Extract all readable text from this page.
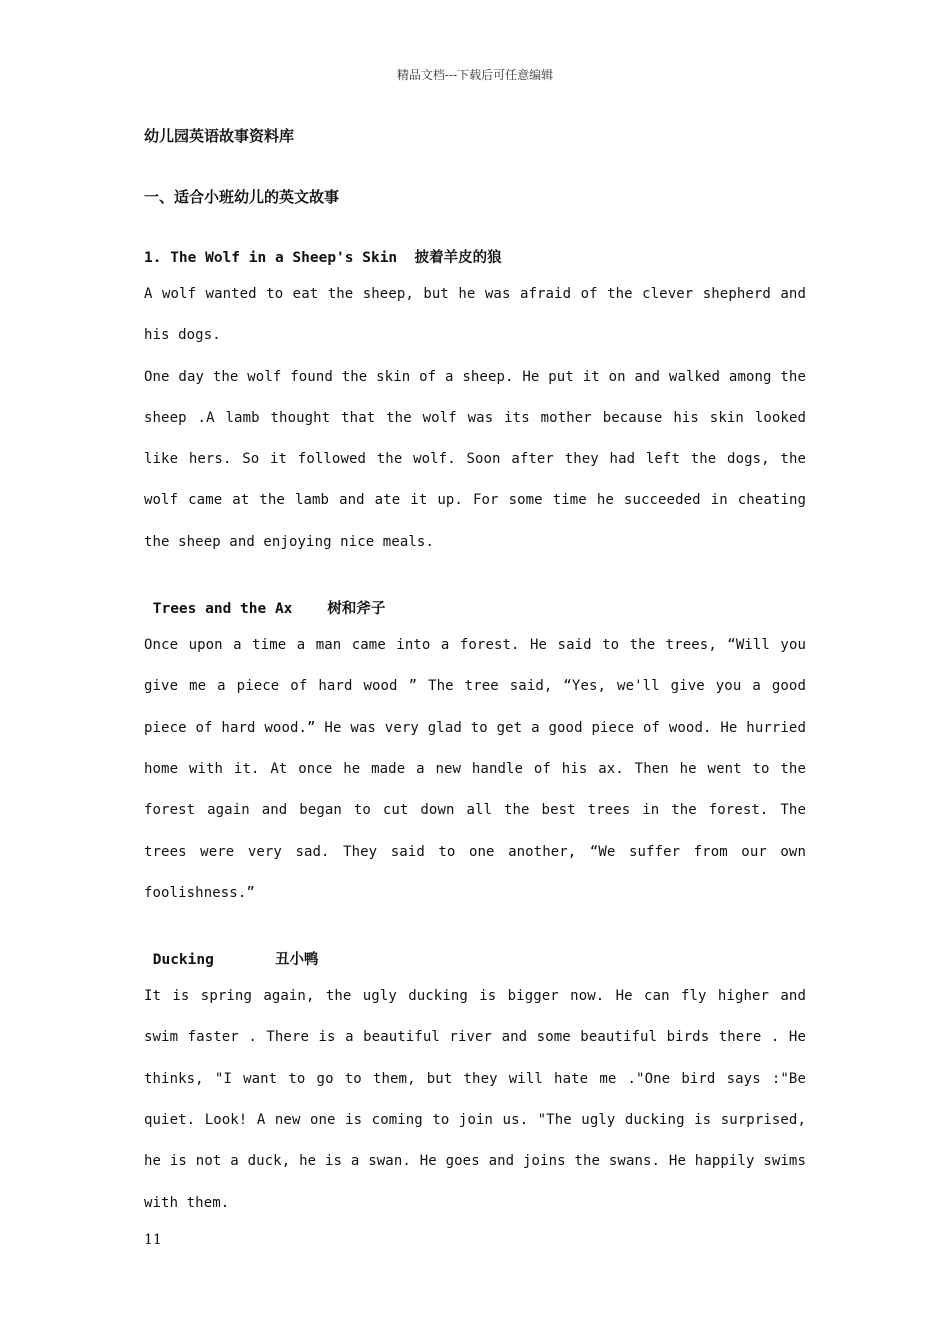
精品文档---下载后可任意编辑
幼儿园英语故事资料库
一、适合小班幼儿的英文故事
1. The Wolf in a Sheep's Skin 披着羊皮的狼
A wolf wanted to eat the sheep, but he was afraid of the clever shepherd and his dogs.
One day the wolf found the skin of a sheep. He put it on and walked among the sheep .A lamb thought that the wolf was its mother because his skin looked like hers. So it followed the wolf. Soon after they had left the dogs, the wolf came at the lamb and ate it up. For some time he succeeded in cheating the sheep and enjoying nice meals.
Trees and the Ax 树和斧子
Once upon a time a man came into a forest. He said to the trees, “Will you give me a piece of hard wood ” The tree said, “Yes, we'll give you a good piece of hard wood.” He was very glad to get a good piece of wood. He hurried home with it. At once he made a new handle of his ax. Then he went to the forest again and began to cut down all the best trees in the forest. The trees were very sad. They said to one another, “We suffer from our own foolishness.”
Ducking	丑小鸭
It is spring again, the ugly ducking is bigger now. He can fly higher and swim faster . There is a beautiful river and some beautiful birds there . He thinks, "I want to go to them, but they will hate me ."One bird says :"Be quiet. Look! A new one is coming to join us. "The ugly ducking is surprised, he is not a duck, he is a swan. He goes and joins the swans. He happily swims with them.
11
